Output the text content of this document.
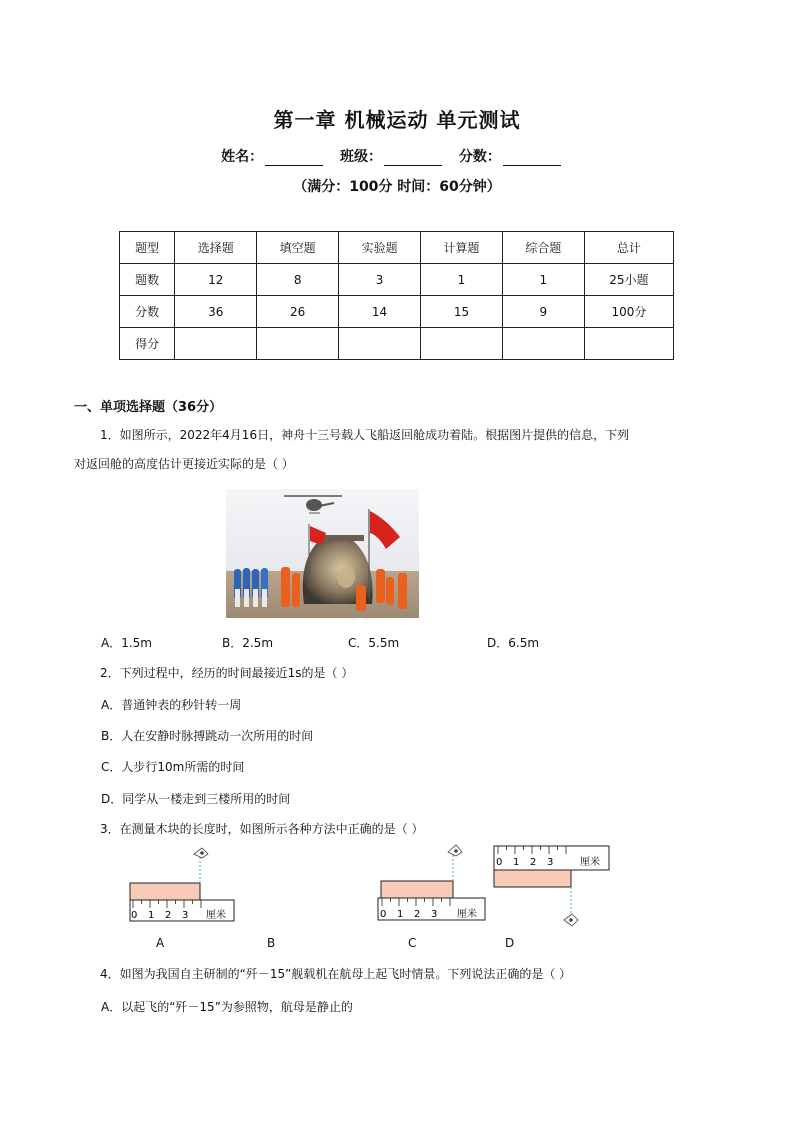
第一章 机械运动 单元测试
姓名：	班级：	分数：
（满分：100分 时间：60分钟）
题型	选择题	填空题	实验题	计算题	综合题	总计
题数	12	8	3	1	1	25小题
分数	36	26	14	15	9	100分
得分						
一、单项选择题（36分）
1．如图所示，2022年4月16日，神舟十三号载人飞船返回舱成功着陆。根据图片提供的信息，下列
对返回舱的高度估计更接近实际的是（ ）
A．1.5m	B．2.5m	C．5.5m	D．6.5m
2．下列过程中，经历的时间最接近1s的是（ ）
A．普通钟表的秒针转一周
B．人在安静时脉搏跳动一次所用的时间
C．人步行10m所需的时间
D．同学从一楼走到三楼所用的时间
3．在测量木块的长度时，如图所示各种方法中正确的是（ ）
0 1 2 3 厘米	0 1 2 3 厘米
0 1 2 3	厘米
A	B	C	D
4．如图为我国自主研制的“歼－15”舰载机在航母上起飞时情景。下列说法正确的是（ ）
A．以起飞的“歼－15”为参照物，航母是静止的
